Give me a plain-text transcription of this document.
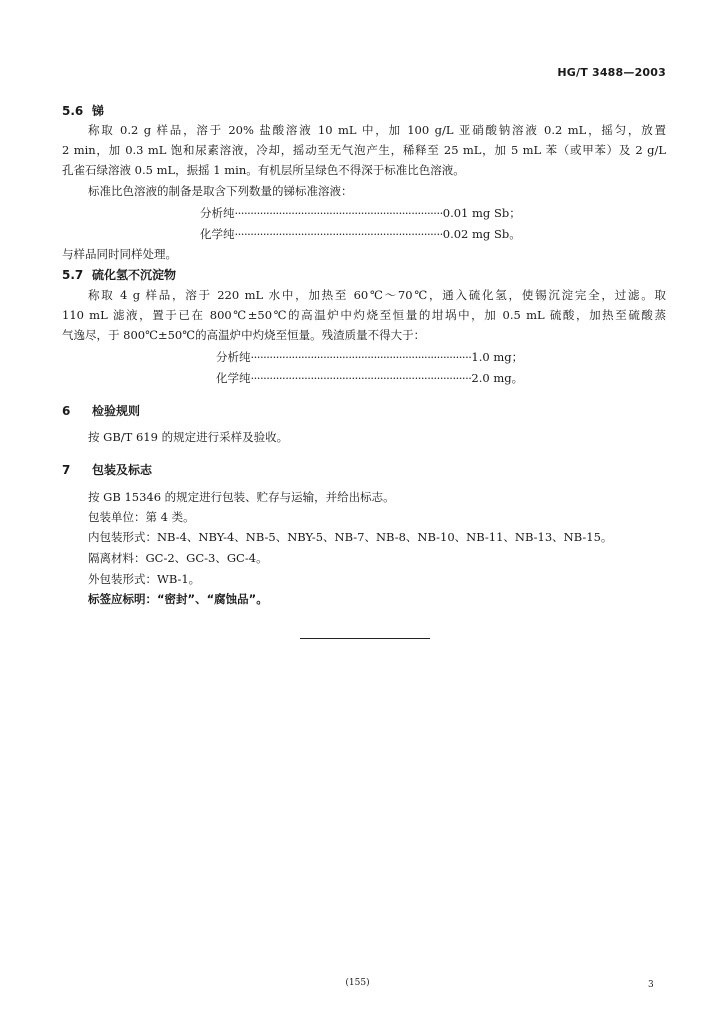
HG/T 3488—2003
5.6 锑
称取 0.2 g 样品，溶于 20% 盐酸溶液 10 mL 中，加 100 g/L 亚硝酸钠溶液 0.2 mL，摇匀，放置
2 min，加 0.3 mL 饱和尿素溶液，冷却，摇动至无气泡产生，稀释至 25 mL，加 5 mL 苯（或甲苯）及 2 g/L
孔雀石绿溶液 0.5 mL，振摇 1 min。有机层所呈绿色不得深于标准比色溶液。
标准比色溶液的制备是取含下列数量的锑标准溶液：
分析纯··································································0.01 mg Sb；
化学纯··································································0.02 mg Sb。
与样品同时同样处理。
5.7 硫化氢不沉淀物
称取 4 g 样品，溶于 220 mL 水中，加热至 60℃～70℃，通入硫化氢，使锡沉淀完全，过滤。取
110 mL 滤液，置于已在 800℃±50℃的高温炉中灼烧至恒量的坩埚中，加 0.5 mL 硫酸，加热至硫酸蒸
气逸尽，于 800℃±50℃的高温炉中灼烧至恒量。残渣质量不得大于：
分析纯······································································1.0 mg；
化学纯······································································2.0 mg。
6 检验规则
按 GB/T 619 的规定进行采样及验收。
7 包装及标志
按 GB 15346 的规定进行包装、贮存与运输，并给出标志。
包装单位：第 4 类。
内包装形式：NB-4、NBY-4、NB-5、NBY-5、NB-7、NB-8、NB-10、NB-11、NB-13、NB-15。
隔离材料：GC-2、GC-3、GC-4。
外包装形式：WB-1。
标签应标明：“密封”、“腐蚀品”。
(155)	3
